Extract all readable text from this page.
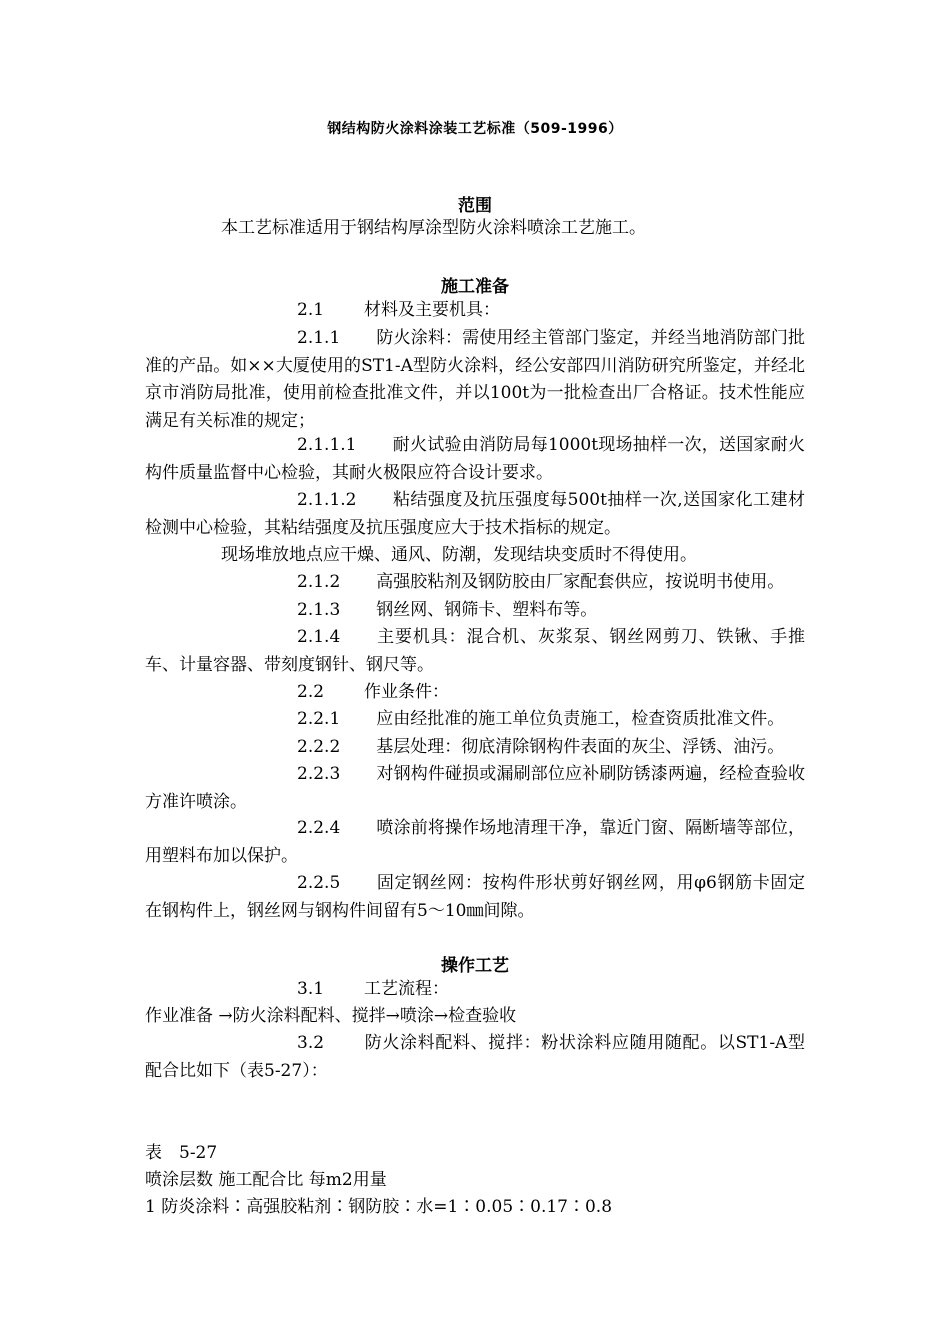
钢结构防火涂料涂装工艺标准（509-1996）
范围

本工艺标准适用于钢结构厚涂型防火涂料喷涂工艺施工。

施工准备

2.1 材料及主要机具：

2.1.1 防火涂料：需使用经主管部门鉴定，并经当地消防部门批准的产品。如××大厦使用的ST1-A型防火涂料，经公安部四川消防研究所鉴定，并经北京市消防局批准，使用前检查批准文件，并以100t为一批检查出厂合格证。技术性能应满足有关标准的规定；

2.1.1.1 耐火试验由消防局每1000t现场抽样一次，送国家耐火构件质量监督中心检验，其耐火极限应符合设计要求。

2.1.1.2 粘结强度及抗压强度每500t抽样一次,送国家化工建材检测中心检验，其粘结强度及抗压强度应大于技术指标的规定。

现场堆放地点应干燥、通风、防潮，发现结块变质时不得使用。

2.1.2 高强胶粘剂及钢防胶由厂家配套供应，按说明书使用。

2.1.3 钢丝网、钢筛卡、塑料布等。

2.1.4 主要机具：混合机、灰浆泵、钢丝网剪刀、铁锹、手推车、计量容器、带刻度钢针、钢尺等。

2.2 作业条件：

2.2.1 应由经批准的施工单位负责施工，检查资质批准文件。

2.2.2 基层处理：彻底清除钢构件表面的灰尘、浮锈、油污。

2.2.3 对钢构件碰损或漏刷部位应补刷防锈漆两遍，经检查验收方准许喷涂。

2.2.4 喷涂前将操作场地清理干净，靠近门窗、隔断墙等部位，用塑料布加以保护。

2.2.5 固定钢丝网：按构件形状剪好钢丝网，用φ6钢筋卡固定在钢构件上，钢丝网与钢构件间留有5～10㎜间隙。

操作工艺

3.1 工艺流程：

作业准备 →防火涂料配料、搅拌→喷涂→检查验收

3.2 防火涂料配料、搅拌：粉状涂料应随用随配。以ST1-A型配合比如下（表5-27）：

表　5-27

喷涂层数 施工配合比 每m2用量

1 防炎涂料∶高强胶粘剂∶钢防胶∶水=1∶0.05∶0.17∶0.8
